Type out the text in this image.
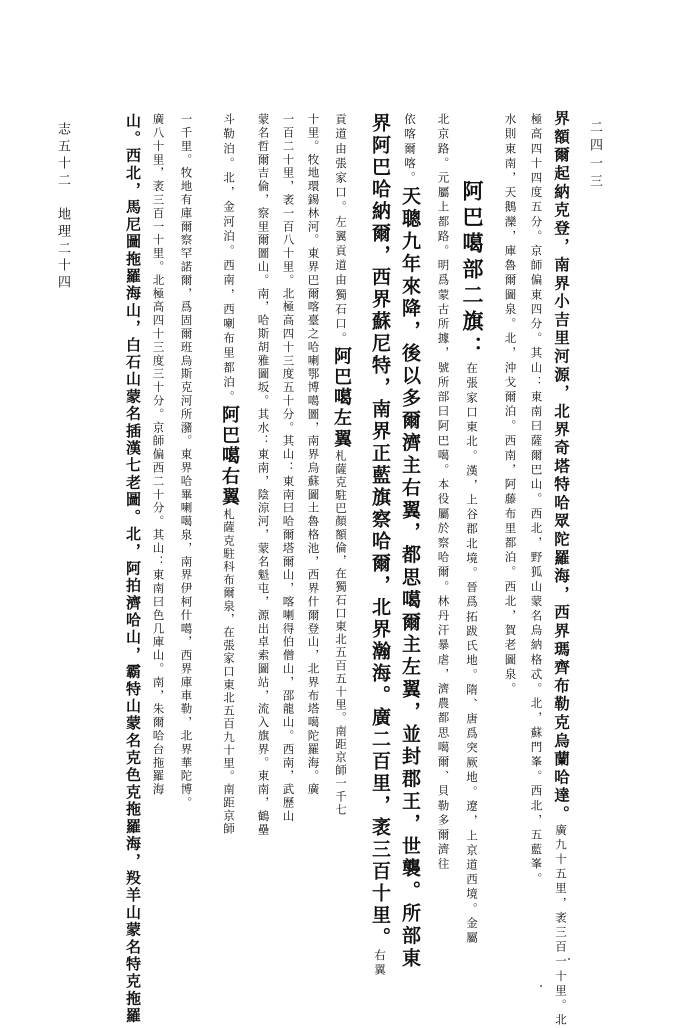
志五十二　地理二十四	二四一三
界額爾起納克登，南界小吉里河源，北界奇塔特哈眾陀羅海，西界瑪齊布勒克烏蘭哈達。廣九十五里，袤三百一十里。北
極高四十四度五分。京師偏東四分。其山：東南曰薩爾巴山。西北，野狐山蒙名烏納格忒。北，蘇門峯。西北，五藍峯。
水則東南，天鵝灤，庫魯爾圖泉。北，沖戈爾泊。西南，阿藤布里都泊。西北，賀老圖泉。
阿巴噶部二旗：在張家口東北。漢，上谷郡北境。晉爲拓跋氏地。隋、唐爲突厥地。遼，上京道西境。金屬
北京路。元屬上都路。明爲蒙古所據，號所部曰阿巴噶。本役屬於察哈爾。林丹汗暴虐，濟農都思噶爾、貝勒多爾濟往
依喀爾喀。天聰九年來降，後以多爾濟主右翼，都思噶爾主左翼，並封郡王，世襲。所部東
界阿巴哈納爾，西界蘇尼特，南界正藍旗察哈爾，北界瀚海。廣二百里，袤三百十里。右翼
貢道由張家口。左翼貢道由獨石口。阿巴噶左翼札薩克駐巴顏額倫，在獨石口東北五百五十里。南距京師一千七
十里。牧地環錫林河。東界巴爾喀臺之哈喇鄂博噶圖，南界烏蘇圖土魯格池，西界什爾登山，北界布塔噶陀羅海。廣
一百二十里，袤一百八十里。北極高四十三度五十分。其山：東南曰哈爾塔爾山，喀喇得伯僧山，邵龍山。西南，武歷山
蒙名哲爾吉倫，察里爾圖山。南，哈斯胡雅圖坂。其水：東南，陰涼河，蒙名魁屯，源出卓索圖站，流入旗界。東南，鶴壘
斗勒泊。北，金河泊。西南，西喇布里都泊。阿巴噶右翼札薩克駐科布爾泉，在張家口東北五百九十里。南距京師
一千里。牧地有庫爾察罕諾爾，爲固爾班烏斯克河所瀦。東界哈畢喇噶泉，南界伊柯什噶，西界庫車勒，北界華陀博。
廣八十里，袤三百一十里。北極高四十三度三十分。京師偏西二十分。其山：東南曰色几庫山。南，朱爾哈台拖羅海
山。西北，馬尼圖拖羅海山，白石山蒙名插漢七老圖。北，阿拍濟哈山，霸特山蒙名克色克拖羅海，羖羊山蒙名特克拖羅
